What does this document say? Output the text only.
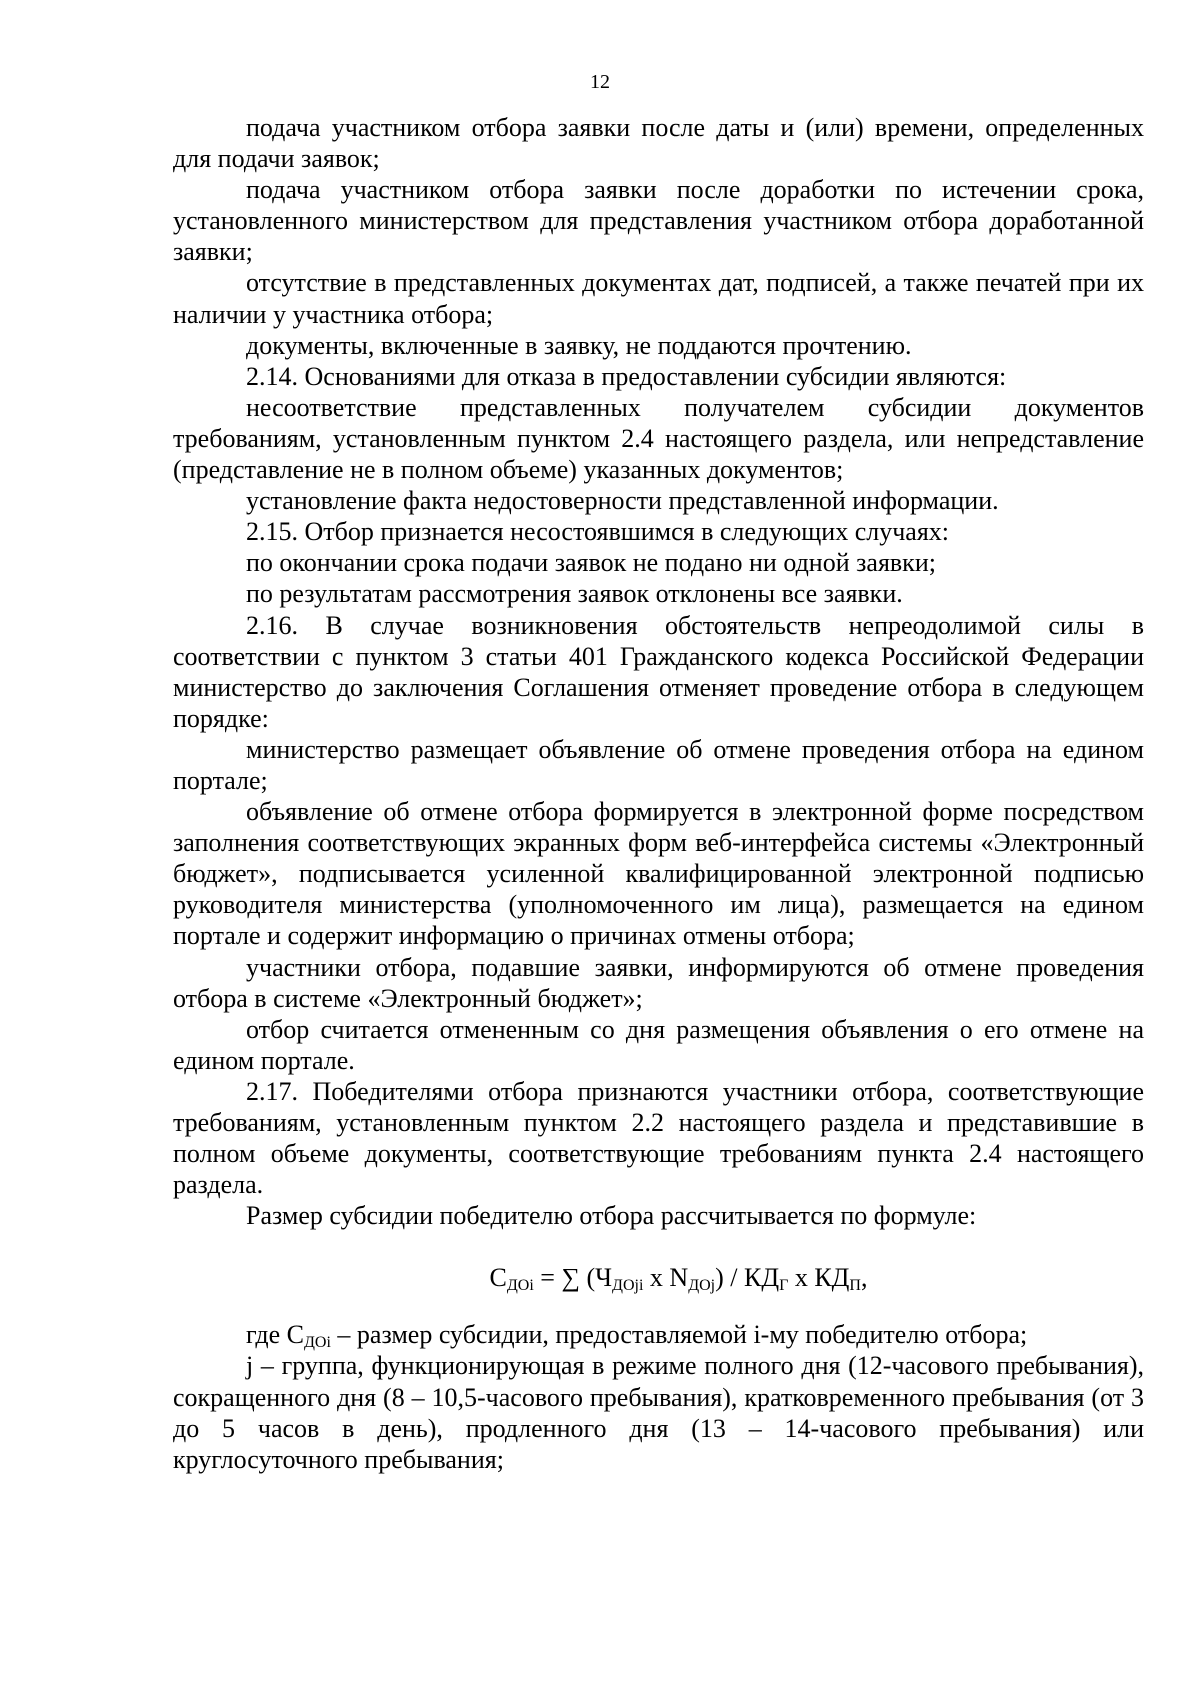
12

подача участником отбора заявки после даты и (или) времени, определенных для подачи заявок;

подача участником отбора заявки после доработки по истечении срока, установленного министерством для представления участником отбора доработанной заявки;

отсутствие в представленных документах дат, подписей, а также печатей при их наличии у участника отбора;

документы, включенные в заявку, не поддаются прочтению.

2.14. Основаниями для отказа в предоставлении субсидии являются:

несоответствие представленных получателем субсидии документов требованиям, установленным пунктом 2.4 настоящего раздела, или непредставление (представление не в полном объеме) указанных документов;

установление факта недостоверности представленной информации.

2.15. Отбор признается несостоявшимся в следующих случаях:

по окончании срока подачи заявок не подано ни одной заявки;

по результатам рассмотрения заявок отклонены все заявки.

2.16. В случае возникновения обстоятельств непреодолимой силы в соответствии с пунктом 3 статьи 401 Гражданского кодекса Российской Федерации министерство до заключения Соглашения отменяет проведение отбора в следующем порядке:

министерство размещает объявление об отмене проведения отбора на едином портале;

объявление об отмене отбора формируется в электронной форме посредством заполнения соответствующих экранных форм веб-интерфейса системы «Электронный бюджет», подписывается усиленной квалифицированной электронной подписью руководителя министерства (уполномоченного им лица), размещается на едином портале и содержит информацию о причинах отмены отбора;

участники отбора, подавшие заявки, информируются об отмене проведения отбора в системе «Электронный бюджет»;

отбор считается отмененным со дня размещения объявления о его отмене на едином портале.

2.17. Победителями отбора признаются участники отбора, соответствующие требованиям, установленным пунктом 2.2 настоящего раздела и представившие в полном объеме документы, соответствующие требованиям пункта 2.4 настоящего раздела.

Размер субсидии победителю отбора рассчитывается по формуле:

$С_{ДОi}$ = ∑ ($Ч_{ДОji}$ x $N_{ДОj}) / КД_Г$ x $КД_П$,

где $С_{ДОi}$ – размер субсидии, предоставляемой i-му победителю отбора;

j – группа, функционирующая в режиме полного дня (12-часового пребывания), сокращенного дня (8 – 10,5-часового пребывания), кратковременного пребывания (от 3 до 5 часов в день), продленного дня (13 – 14-часового пребывания) или круглосуточного пребывания;
